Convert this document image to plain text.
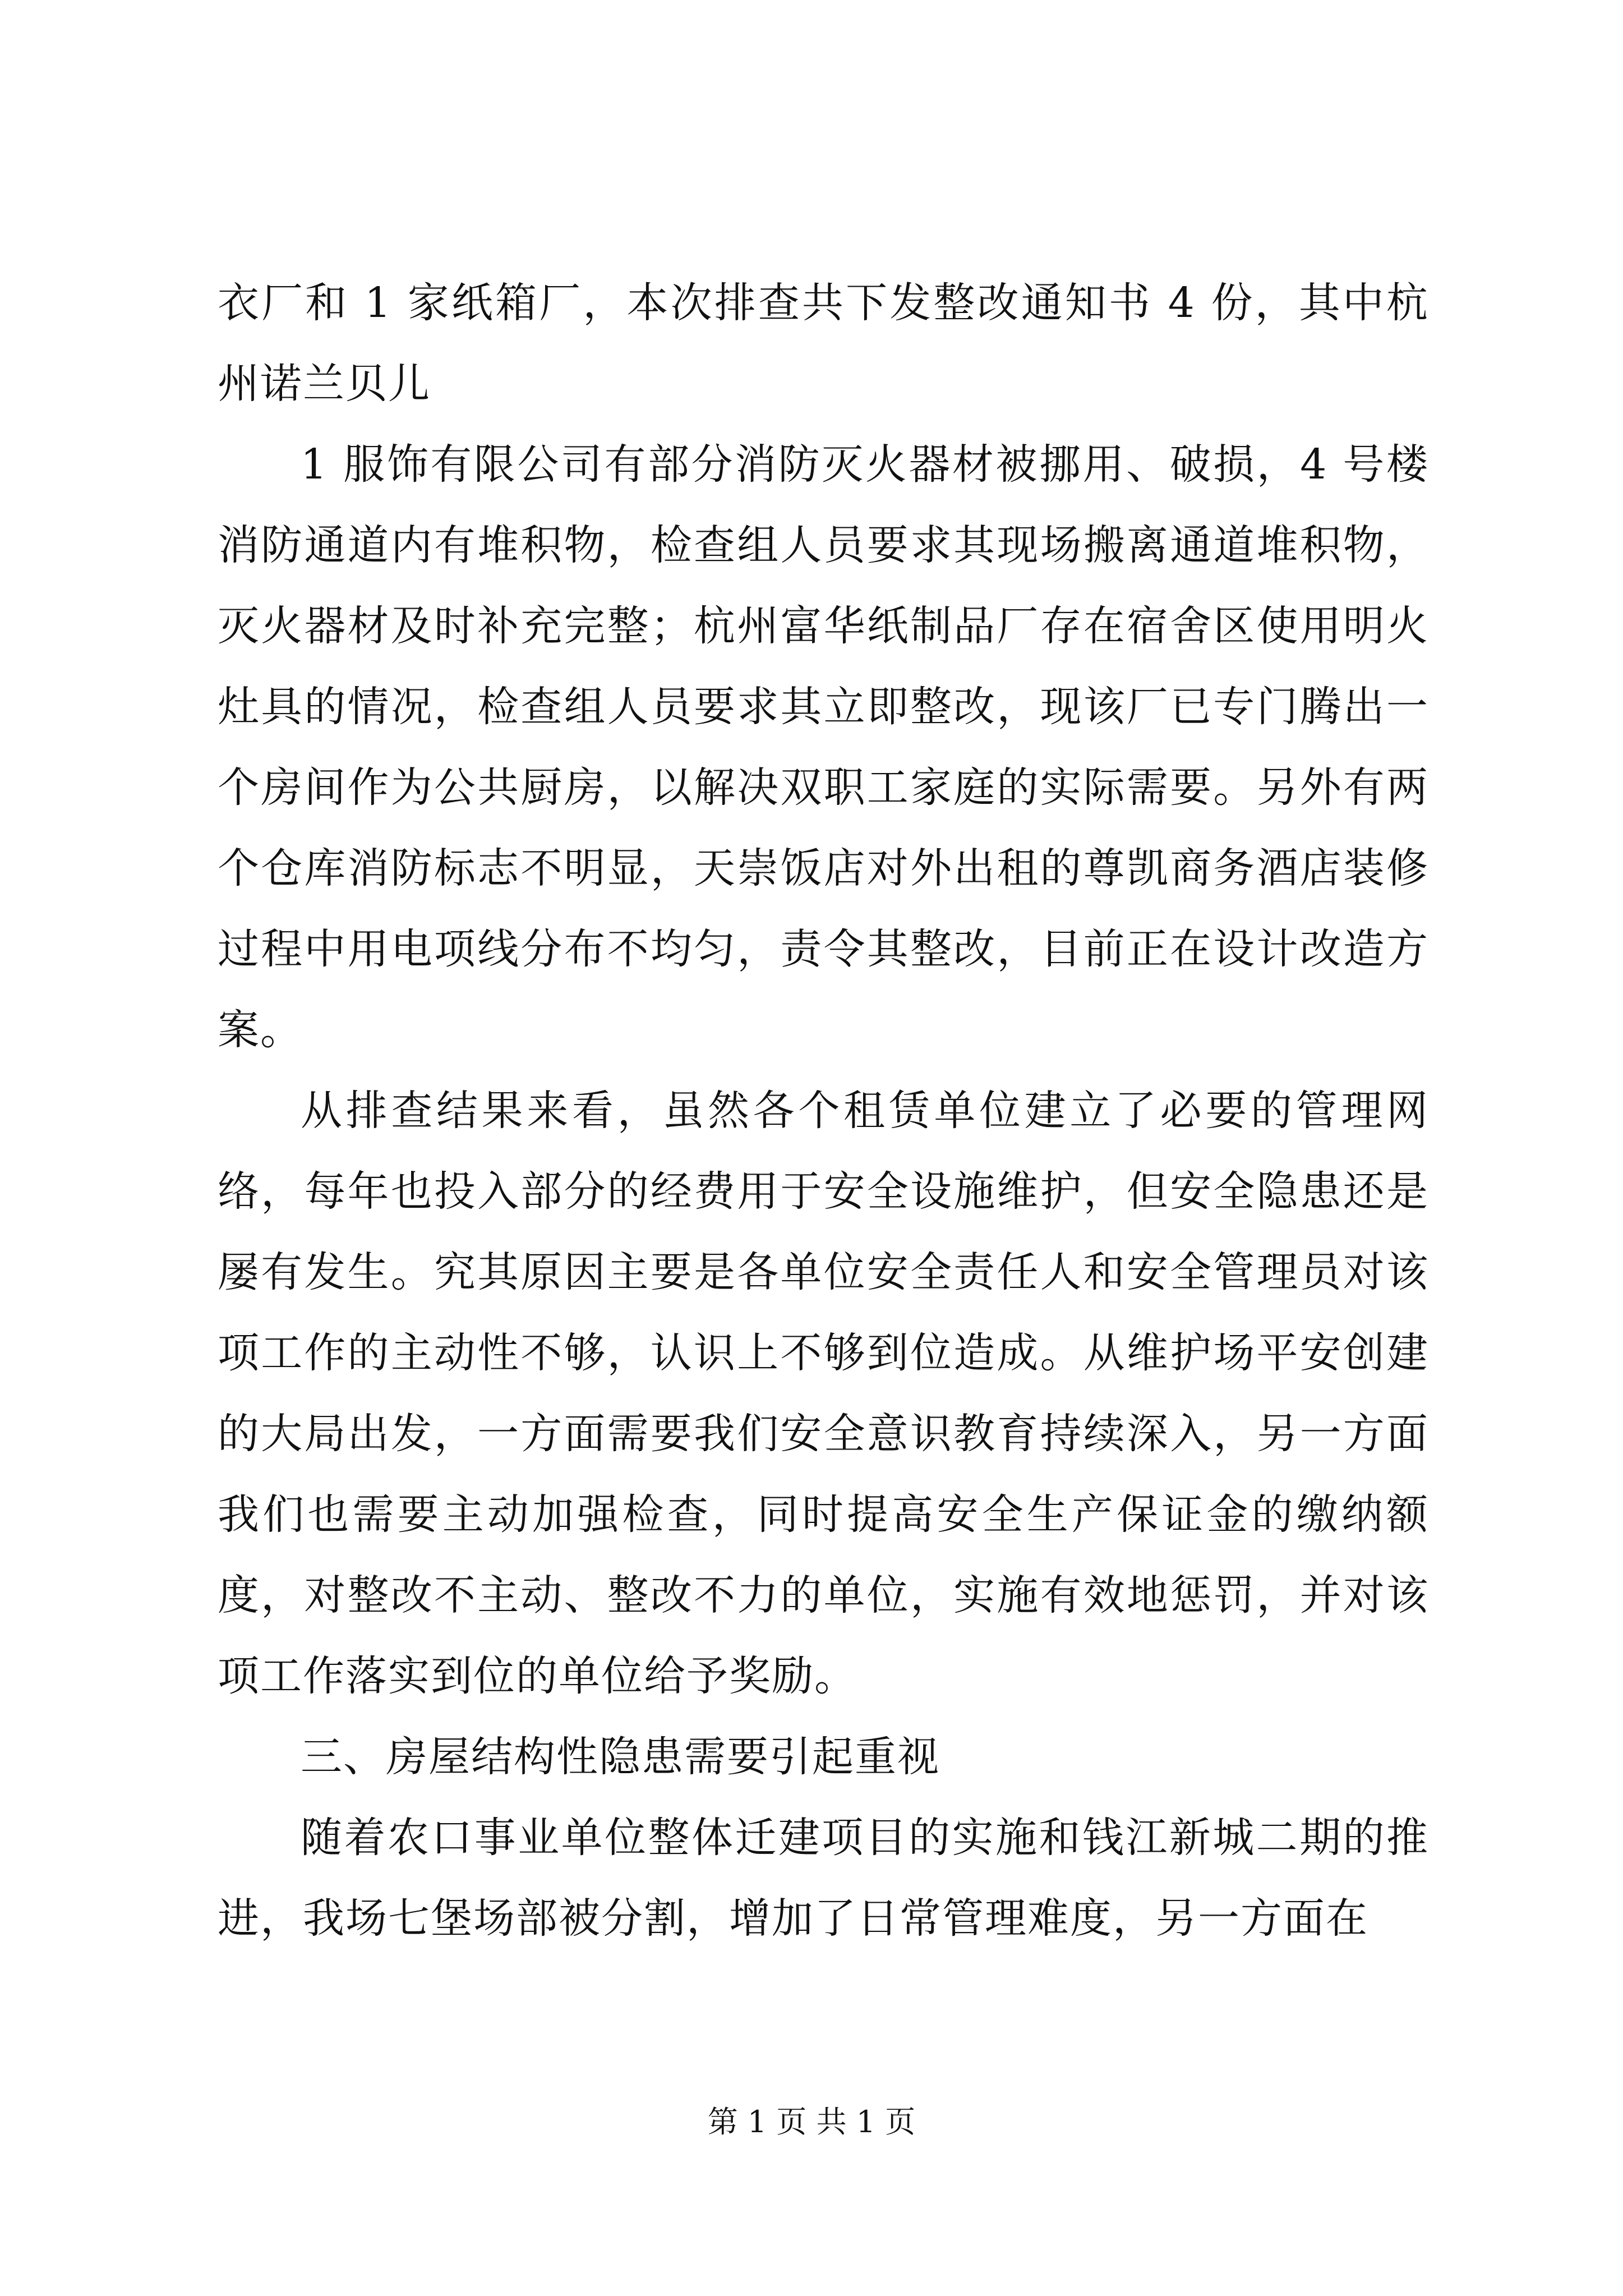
衣厂和 1 家纸箱厂，本次排查共下发整改通知书 4 份，其中杭州诺兰贝儿

1 服饰有限公司有部分消防灭火器材被挪用、破损，4 号楼消防通道内有堆积物，检查组人员要求其现场搬离通道堆积物，灭火器材及时补充完整；杭州富华纸制品厂存在宿舍区使用明火灶具的情况，检查组人员要求其立即整改，现该厂已专门腾出一个房间作为公共厨房，以解决双职工家庭的实际需要。另外有两个仓库消防标志不明显，天崇饭店对外出租的尊凯商务酒店装修过程中用电项线分布不均匀，责令其整改，目前正在设计改造方案。

从排查结果来看，虽然各个租赁单位建立了必要的管理网络，每年也投入部分的经费用于安全设施维护，但安全隐患还是屡有发生。究其原因主要是各单位安全责任人和安全管理员对该项工作的主动性不够，认识上不够到位造成。从维护场平安创建的大局出发，一方面需要我们安全意识教育持续深入，另一方面我们也需要主动加强检查，同时提高安全生产保证金的缴纳额度，对整改不主动、整改不力的单位，实施有效地惩罚，并对该项工作落实到位的单位给予奖励。

三、房屋结构性隐患需要引起重视

随着农口事业单位整体迁建项目的实施和钱江新城二期的推进，我场七堡场部被分割，增加了日常管理难度，另一方面在

第 1 页 共 1 页
